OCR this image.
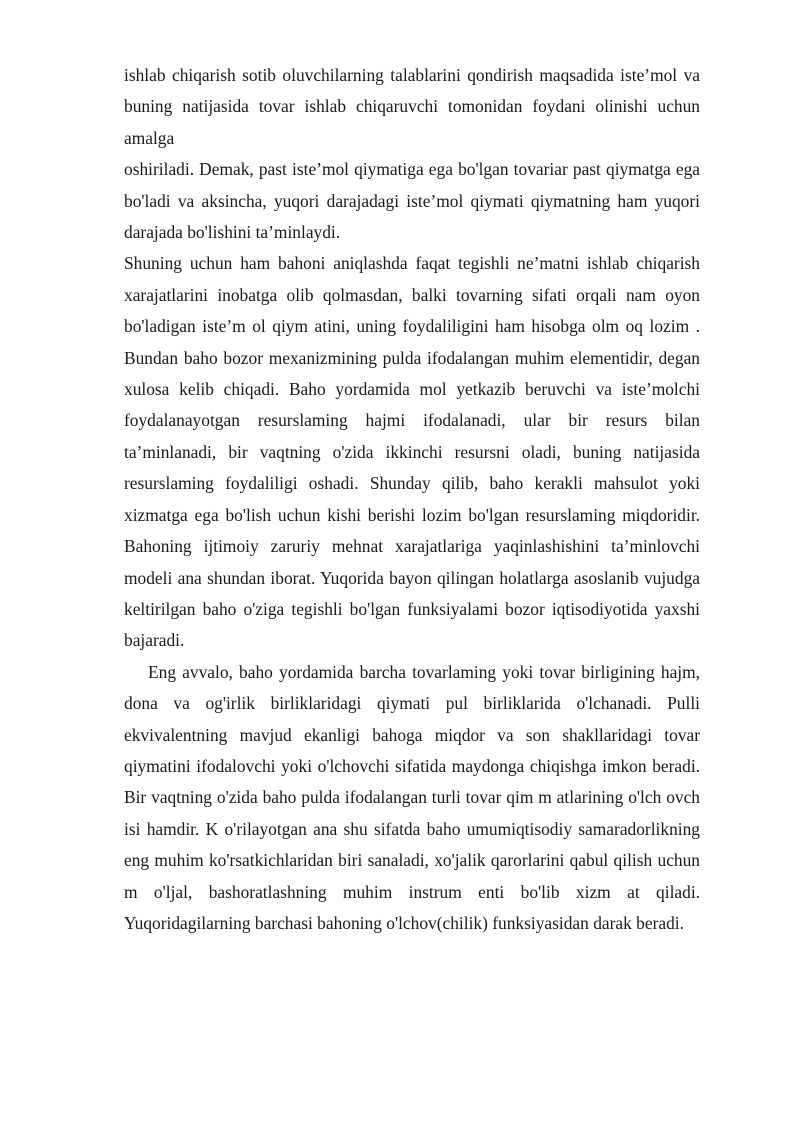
ishlab chiqarish sotib oluvchilarning talablarini qondirish maqsadida iste’mol va buning natijasida tovar ishlab chiqaruvchi tomonidan foydani olinishi uchun amalga

oshiriladi. Demak, past iste’mol qiymatiga ega bo'lgan tovariar past qiymatga ega bo'ladi va aksincha, yuqori darajadagi iste’mol qiymati qiymatning ham yuqori darajada bo'lishini ta’minlaydi.

Shuning uchun ham bahoni aniqlashda faqat tegishli ne’matni ishlab chiqarish xarajatlarini inobatga olib qolmasdan, balki tovarning sifati orqali nam oyon bo'ladigan iste’m ol qiym atini, uning foydaliligini ham hisobga olm oq lozim . Bundan baho bozor mexanizmining pulda ifodalangan muhim elementidir, degan xulosa kelib chiqadi. Baho yordamida mol yetkazib beruvchi va iste’molchi foydalanayotgan resurslaming hajmi ifodalanadi, ular bir resurs bilan ta’minlanadi, bir vaqtning o'zida ikkinchi resursni oladi, buning natijasida resurslaming foydaliligi oshadi. Shunday qilib, baho kerakli mahsulot yoki xizmatga ega bo'lish uchun kishi berishi lozim bo'lgan resurslaming miqdoridir. Bahoning ijtimoiy zaruriy mehnat xarajatlariga yaqinlashishini ta’minlovchi modeli ana shundan iborat. Yuqorida bayon qilingan holatlarga asoslanib vujudga keltirilgan baho o'ziga tegishli bo'lgan funksiyalami bozor iqtisodiyotida yaxshi bajaradi.

Eng avvalo, baho yordamida barcha tovarlaming yoki tovar birligining hajm, dona va og'irlik birliklaridagi qiymati pul birliklarida o'lchanadi. Pulli ekvivalentning mavjud ekanligi bahoga miqdor va son shakllaridagi tovar qiymatini ifodalovchi yoki o'lchovchi sifatida maydonga chiqishga imkon beradi. Bir vaqtning o'zida baho pulda ifodalangan turli tovar qim m atlarining o'lch ovch isi hamdir. K o'rilayotgan ana shu sifatda baho umumiqtisodiy samaradorlikning eng muhim ko'rsatkichlaridan biri sanaladi, xo'jalik qarorlarini qabul qilish uchun m o'ljal, bashoratlashning muhim instrum enti bo'lib xizm at qiladi. Yuqoridagilarning barchasi bahoning o'lchov(chilik) funksiyasidan darak beradi.
